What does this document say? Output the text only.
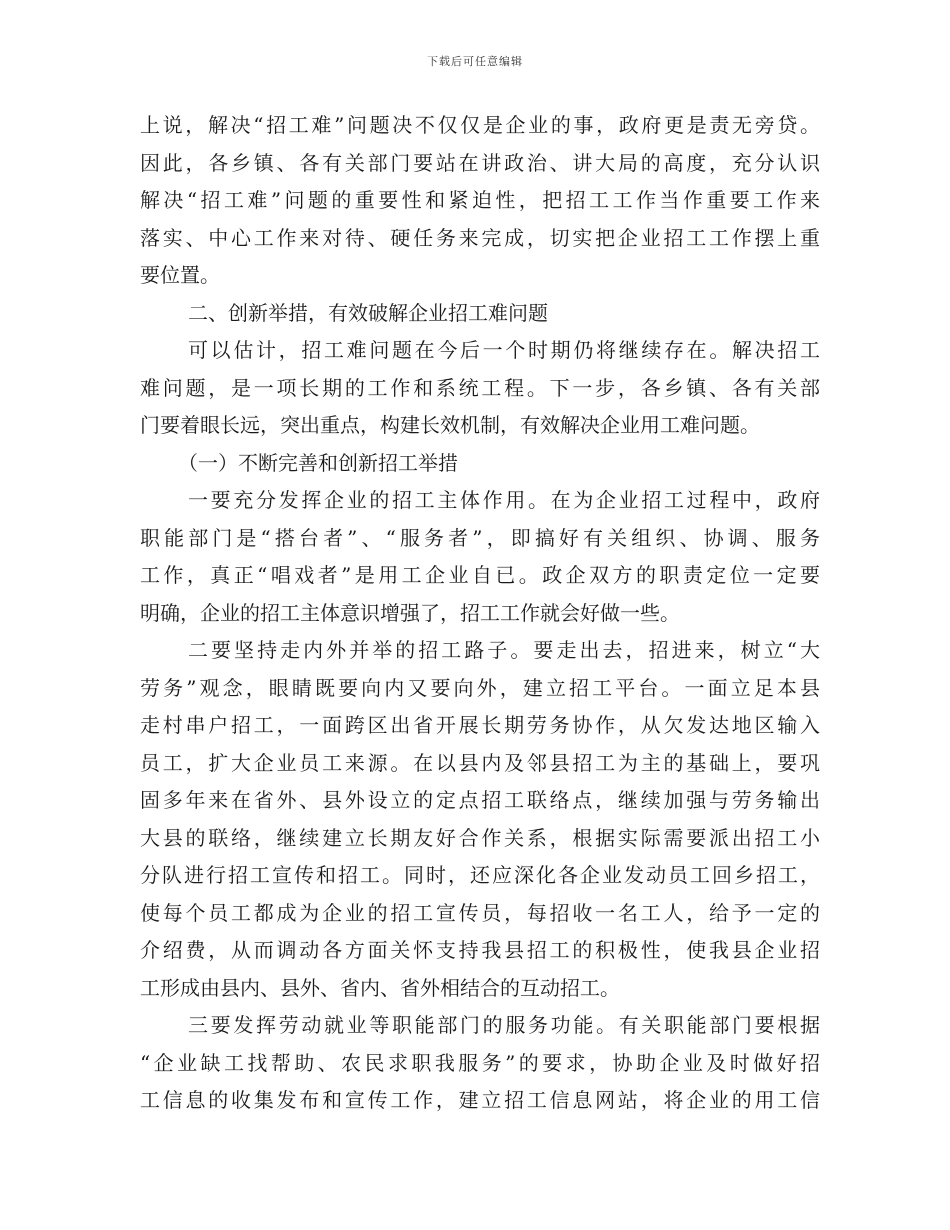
下载后可任意编辑
上说，解决“招工难”问题决不仅仅是企业的事，政府更是责无旁贷。
因此，各乡镇、各有关部门要站在讲政治、讲大局的高度，充分认识
解决“招工难”问题的重要性和紧迫性，把招工工作当作重要工作来
落实、中心工作来对待、硬任务来完成，切实把企业招工工作摆上重
要位置。
二、创新举措，有效破解企业招工难问题
可以估计，招工难问题在今后一个时期仍将继续存在。解决招工
难问题，是一项长期的工作和系统工程。下一步，各乡镇、各有关部
门要着眼长远，突出重点，构建长效机制，有效解决企业用工难问题。
（一）不断完善和创新招工举措
一要充分发挥企业的招工主体作用。在为企业招工过程中，政府
职能部门是“搭台者”、“服务者”，即搞好有关组织、协调、服务
工作，真正“唱戏者”是用工企业自已。政企双方的职责定位一定要
明确，企业的招工主体意识增强了，招工工作就会好做一些。
二要坚持走内外并举的招工路子。要走出去，招进来，树立“大
劳务”观念，眼睛既要向内又要向外，建立招工平台。一面立足本县
走村串户招工，一面跨区出省开展长期劳务协作，从欠发达地区输入
员工，扩大企业员工来源。在以县内及邻县招工为主的基础上，要巩
固多年来在省外、县外设立的定点招工联络点，继续加强与劳务输出
大县的联络，继续建立长期友好合作关系，根据实际需要派出招工小
分队进行招工宣传和招工。同时，还应深化各企业发动员工回乡招工，
使每个员工都成为企业的招工宣传员，每招收一名工人，给予一定的
介绍费，从而调动各方面关怀支持我县招工的积极性，使我县企业招
工形成由县内、县外、省内、省外相结合的互动招工。
三要发挥劳动就业等职能部门的服务功能。有关职能部门要根据
“企业缺工找帮助、农民求职我服务”的要求，协助企业及时做好招
工信息的收集发布和宣传工作，建立招工信息网站，将企业的用工信
